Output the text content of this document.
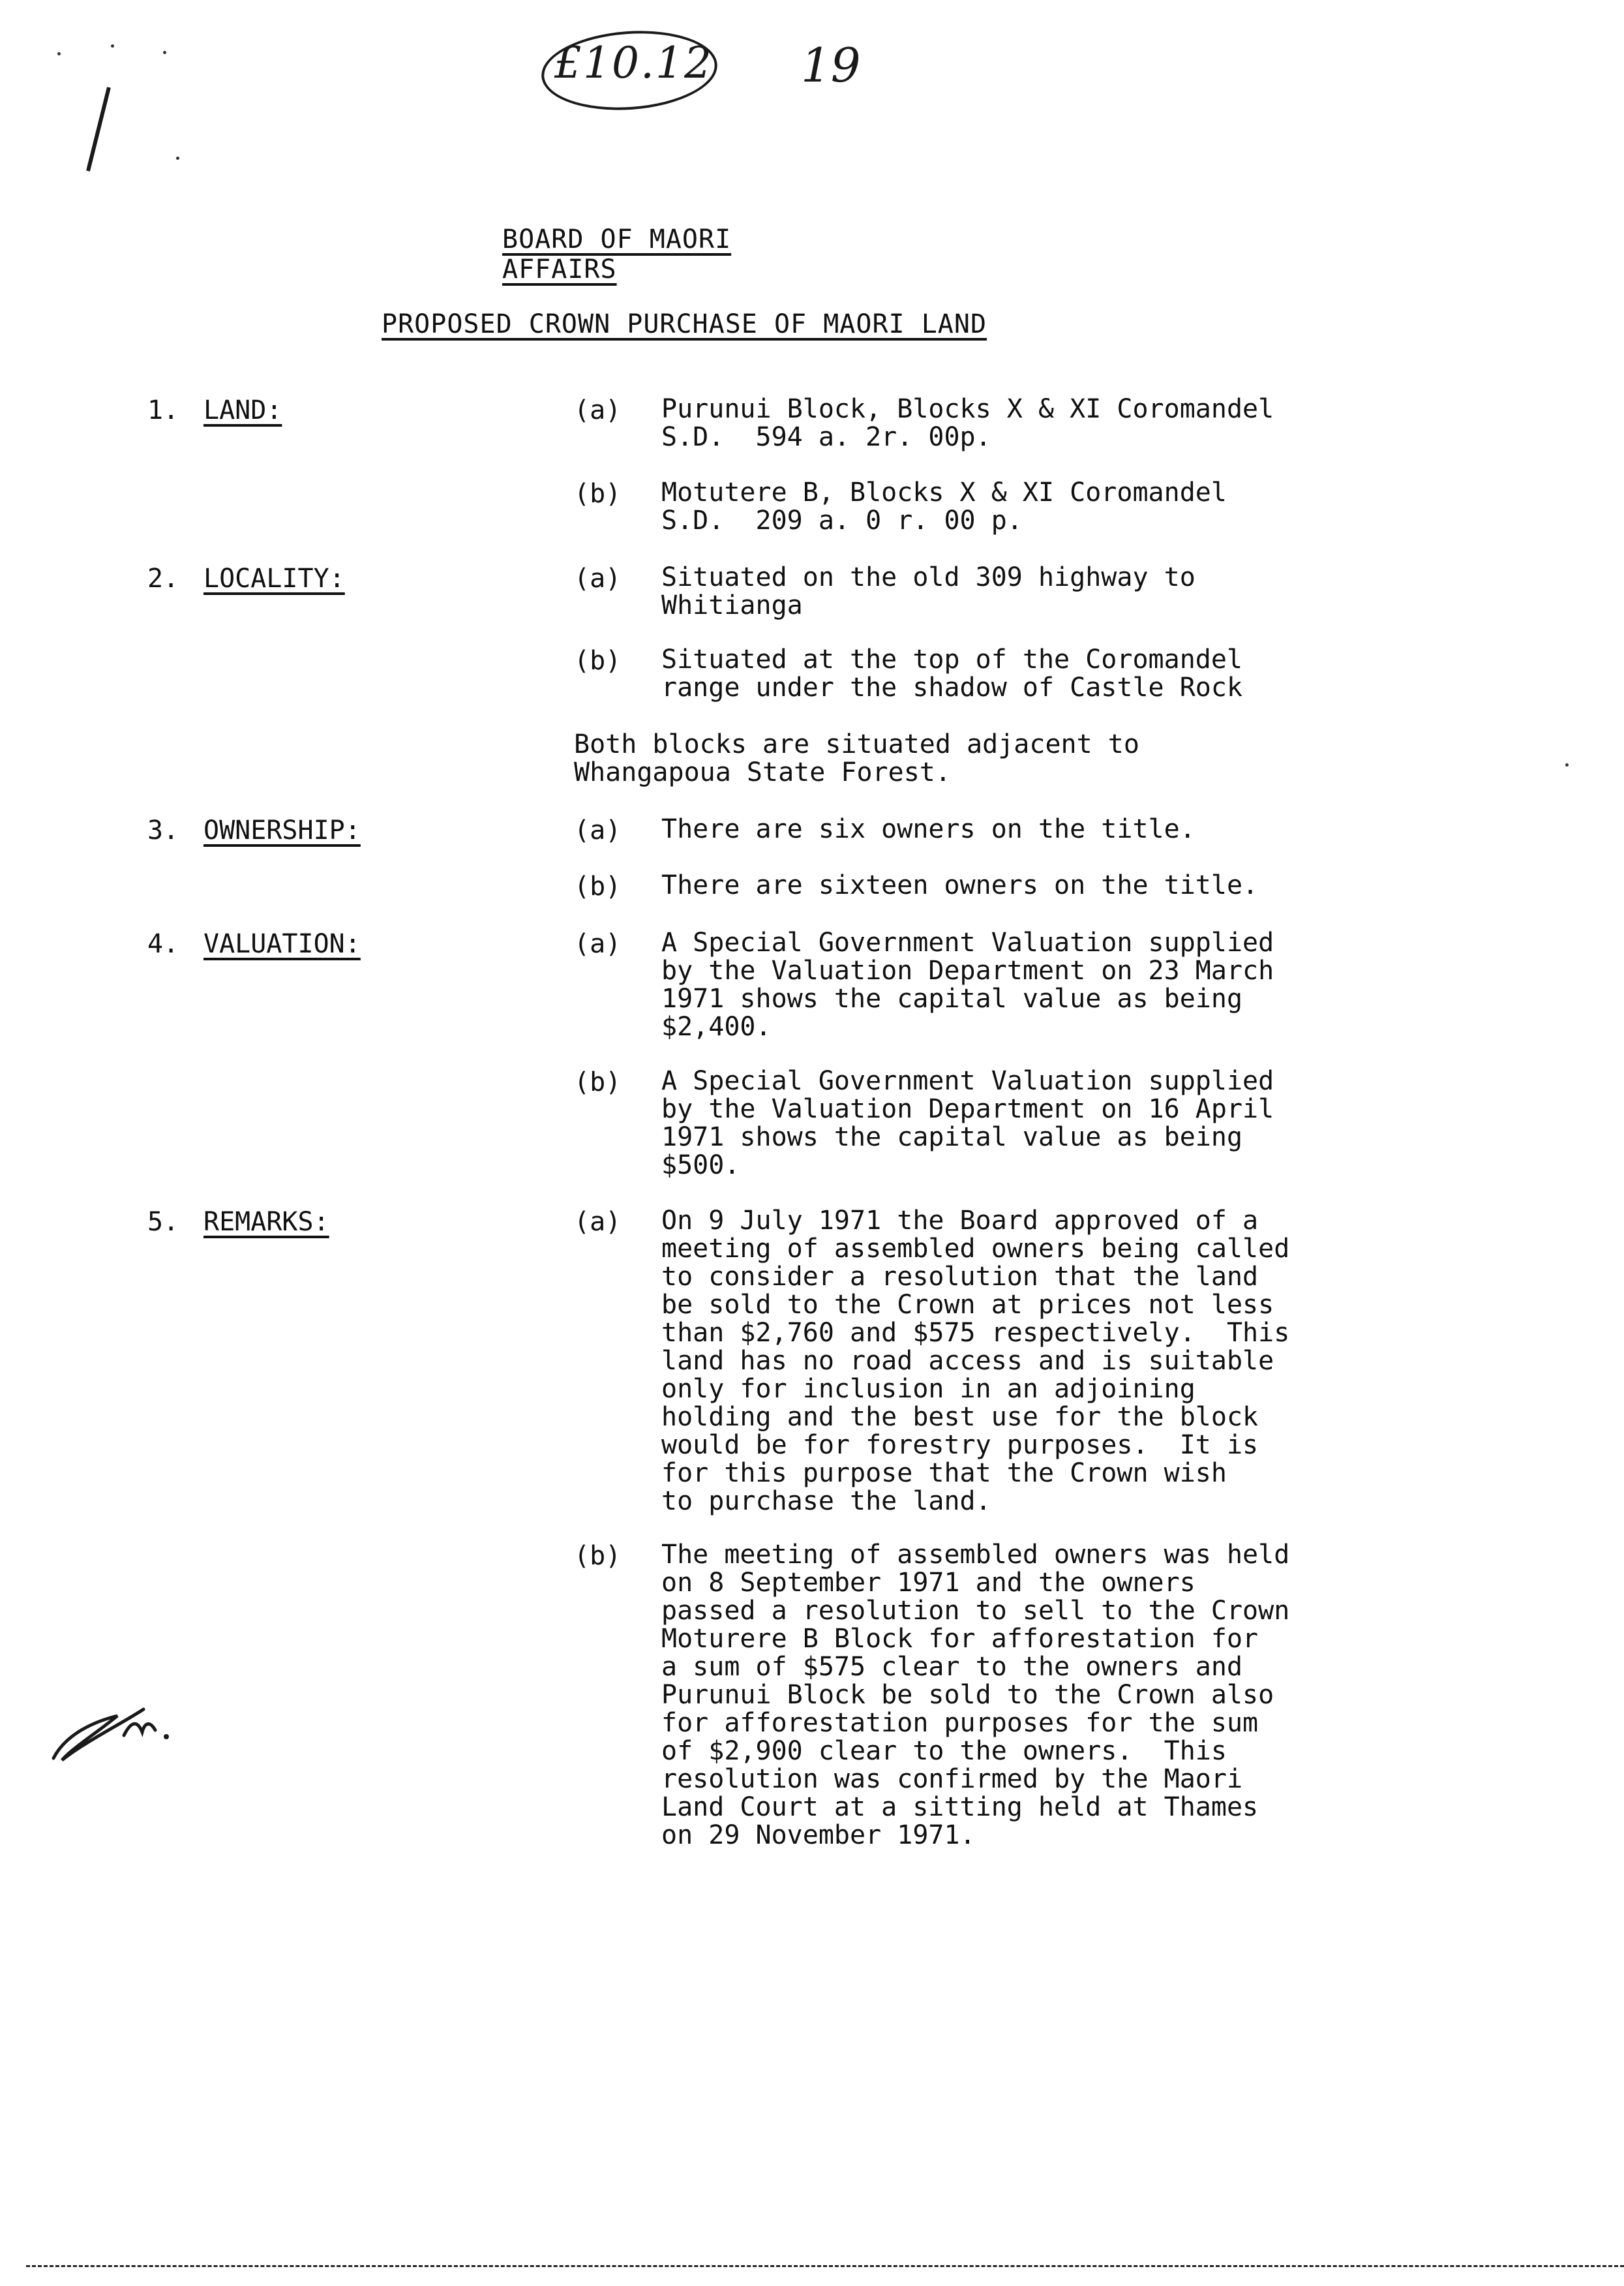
£10.12 19
BOARD OF MAORI AFFAIRS
PROPOSED CROWN PURCHASE OF MAORI LAND
1. LAND:	(a) Purunui Block, Blocks X & XI Coromandel
S.D.  594 a. 2r. 00p.
(b) Motutere B, Blocks X & XI Coromandel
S.D.  209 a. 0 r. 00 p.
2. LOCALITY:	(a) Situated on the old 309 highway to
Whitianga
(b) Situated at the top of the Coromandel
range under the shadow of Castle Rock
Both blocks are situated adjacent to
Whangapoua State Forest.
3. OWNERSHIP:	(a) There are six owners on the title.
(b) There are sixteen owners on the title.
4. VALUATION:	(a) A Special Government Valuation supplied
by the Valuation Department on 23 March
1971 shows the capital value as being
$2,400.
(b) A Special Government Valuation supplied
by the Valuation Department on 16 April
1971 shows the capital value as being
$500.
5. REMARKS:	(a) On 9 July 1971 the Board approved of a
meeting of assembled owners being called
to consider a resolution that the land
be sold to the Crown at prices not less
than $2,760 and $575 respectively.  This
land has no road access and is suitable
only for inclusion in an adjoining
holding and the best use for the block
would be for forestry purposes.  It is
for this purpose that the Crown wish
to purchase the land.
(b) The meeting of assembled owners was held
on 8 September 1971 and the owners
passed a resolution to sell to the Crown
Moturere B Block for afforestation for
a sum of $575 clear to the owners and
Purunui Block be sold to the Crown also
for afforestation purposes for the sum
of $2,900 clear to the owners.  This
resolution was confirmed by the Maori
Land Court at a sitting held at Thames
on 29 November 1971.
